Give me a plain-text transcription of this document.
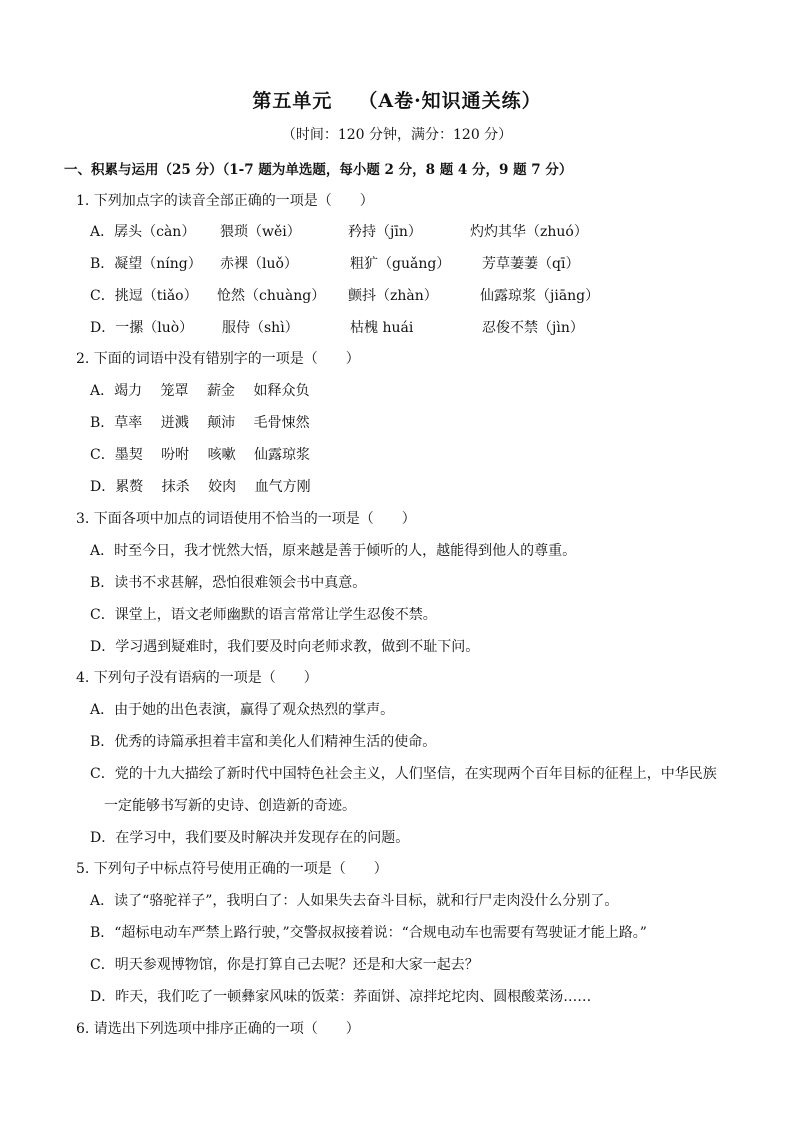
第五单元 （A卷·知识通关练）
（时间：120 分钟，满分：120 分）
一、积累与运用（25 分）（1-7 题为单选题，每小题 2 分，8 题 4 分，9 题 7 分）
1. 下列加点字的读音全部正确的一项是（　　）
A．孱头（càn） 猥琐（wěi）	矜持（jīn）	灼灼其华（zhuó）
B．凝望（níng） 赤裸（luǒ）	粗犷（guǎng） 芳草萋萋（qī）
C．挑逗（tiǎo） 怆然（chuàng） 颤抖（zhàn）	仙露琼浆（jiāng）
D．一摞（luò） 服侍（shì）	枯槐 huái	忍俊不禁（jìn）
2. 下面的词语中没有错别字的一项是（　　）
A．竭力　 笼罩　 薪金　 如释众负
B．草率　 迸溅　 颠沛　 毛骨悚然
C．墨契　 吩咐　 咳嗽　 仙露琼浆
D．累赘　 抹杀　 姣肉　 血气方刚
3. 下面各项中加点的词语使用不恰当的一项是（　　）
A．时至今日，我才恍然大悟，原来越是善于倾听的人，越能得到他人的尊重。
B．读书不求甚解，恐怕很难领会书中真意。
C．课堂上，语文老师幽默的语言常常让学生忍俊不禁。
D．学习遇到疑难时，我们要及时向老师求教，做到不耻下问。
4. 下列句子没有语病的一项是（　　）
A．由于她的出色表演，赢得了观众热烈的掌声。
B．优秀的诗篇承担着丰富和美化人们精神生活的使命。
C．党的十九大描绘了新时代中国特色社会主义，人们坚信，在实现两个百年目标的征程上，中华民族
一定能够书写新的史诗、创造新的奇迹。
D．在学习中，我们要及时解决并发现存在的问题。
5. 下列句子中标点符号使用正确的一项是（　　）
A．读了“骆驼祥子”，我明白了：人如果失去奋斗目标，就和行尸走肉没什么分别了。
B．“超标电动车严禁上路行驶，”交警叔叔接着说：“合规电动车也需要有驾驶证才能上路。”
C．明天参观博物馆，你是打算自己去呢？还是和大家一起去？
D．昨天，我们吃了一顿彝家风味的饭菜：荞面饼、凉拌坨坨肉、圆根酸菜汤……
6. 请选出下列选项中排序正确的一项（　　）
